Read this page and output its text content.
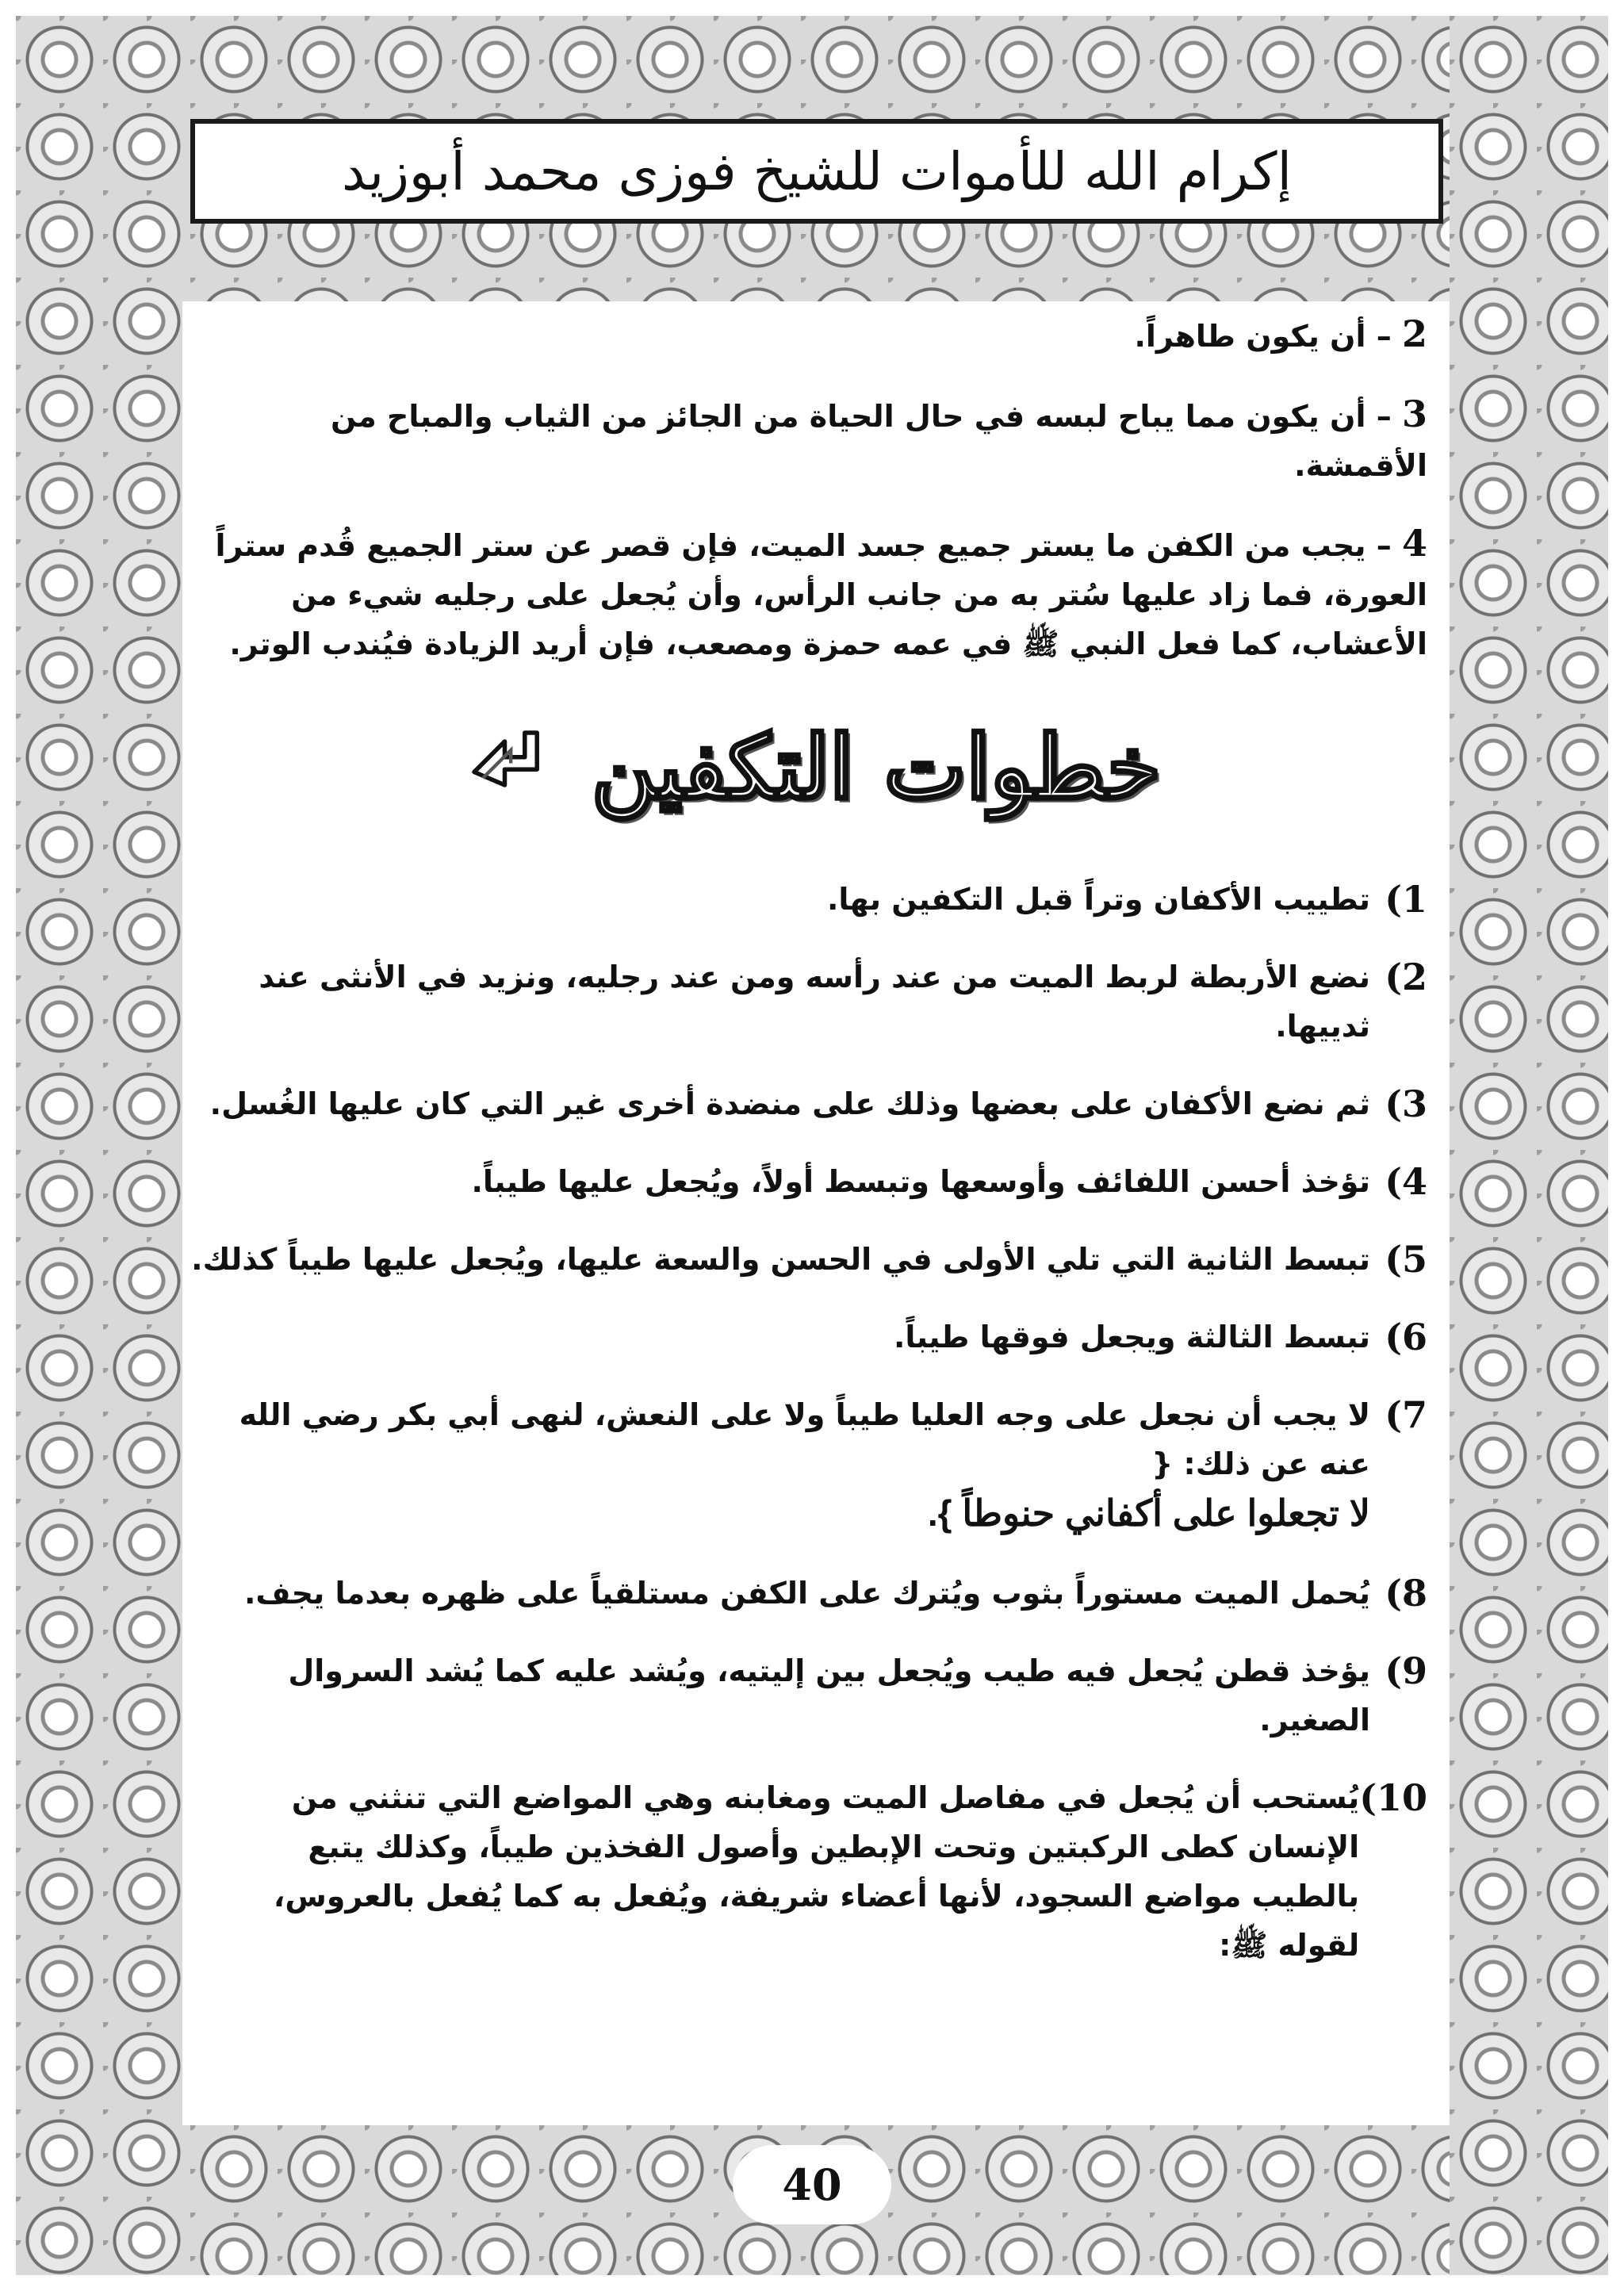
إكرام الله للأموات للشيخ فوزى محمد أبوزيد

2 – أن يكون طاهراً.

3 – أن يكون مما يباح لبسه في حال الحياة من الجائز من الثياب والمباح من الأقمشة.

4 – يجب من الكفن ما يستر جميع جسد الميت، فإن قصر عن ستر الجميع قُدم ستراً العورة، فما زاد عليها سُتر به من جانب الرأس، وأن يُجعل على رجليه شيء من الأعشاب، كما فعل النبي ﷺ في عمه حمزة ومصعب، فإن أريد الزيادة فيُندب الوتر.

خطوات التكفين
1)
تطييب الأكفان وتراً قبل التكفين بها.
2)
نضع الأربطة لربط الميت من عند رأسه ومن عند رجليه، ونزيد في الأنثى عند ثدييها.
3)
ثم نضع الأكفان على بعضها وذلك على منضدة أخرى غير التي كان عليها الغُسل.
4)
تؤخذ أحسن اللفائف وأوسعها وتبسط أولاً، ويُجعل عليها طيباً.
5)
تبسط الثانية التي تلي الأولى في الحسن والسعة عليها، ويُجعل عليها طيباً كذلك.
6)
تبسط الثالثة ويجعل فوقها طيباً.
7)
لا يجب أن نجعل على وجه العليا طيباً ولا على النعش، لنهى أبي بكر رضي الله عنه عن ذلك: {
لا تجعلوا على أكفاني حنوطاً }.
8)
يُحمل الميت مستوراً بثوب ويُترك على الكفن مستلقياً على ظهره بعدما يجف.
9)
يؤخذ قطن يُجعل فيه طيب ويُجعل بين إليتيه، ويُشد عليه كما يُشد السروال الصغير.
10)
يُستحب أن يُجعل في مفاصل الميت ومغابنه وهي المواضع التي تنثني من الإنسان كطى الركبتين وتحت الإبطين وأصول الفخذين طيباً، وكذلك يتبع بالطيب مواضع السجود، لأنها أعضاء شريفة، ويُفعل به كما يُفعل بالعروس، لقوله ﷺ:
40
